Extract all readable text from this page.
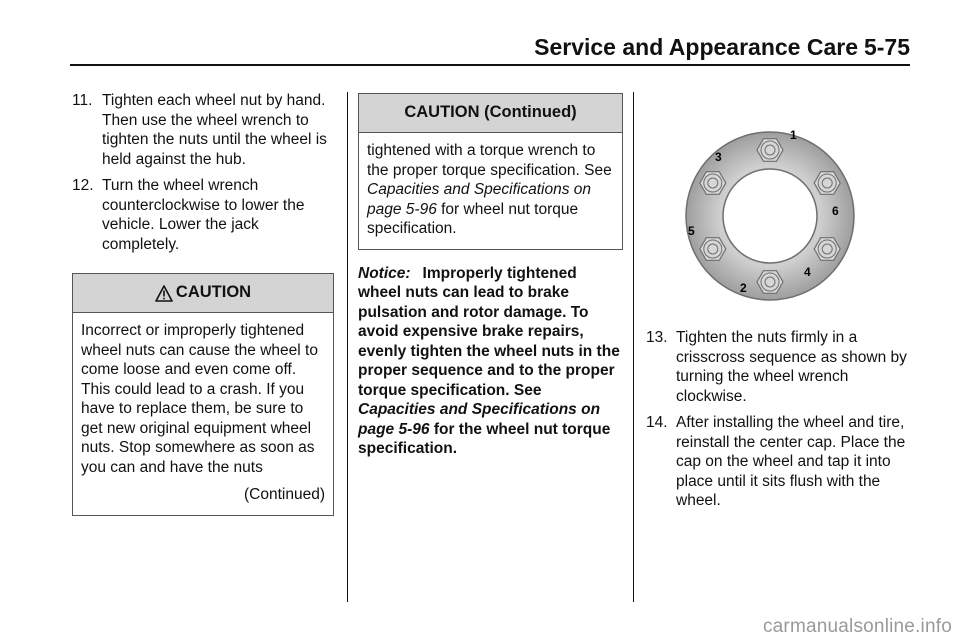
Service and Appearance Care 5-75
11. Tighten each wheel nut by hand. Then use the wheel wrench to tighten the nuts until the wheel is held against the hub.
12. Turn the wheel wrench counterclockwise to lower the vehicle. Lower the jack completely.
CAUTION
Incorrect or improperly tightened wheel nuts can cause the wheel to come loose and even come off. This could lead to a crash. If you have to replace them, be sure to get new original equipment wheel nuts. Stop somewhere as soon as you can and have the nuts
(Continued)
CAUTION (Continued)
tightened with a torque wrench to the proper torque specification. See Capacities and Specifications on page 5-96 for wheel nut torque specification.
Notice: Improperly tightened wheel nuts can lead to brake pulsation and rotor damage. To avoid expensive brake repairs, evenly tighten the wheel nuts in the proper sequence and to the proper torque specification. See Capacities and Specifications on page 5-96 for the wheel nut torque specification.
1
2
3
4
5
6
13. Tighten the nuts firmly in a crisscross sequence as shown by turning the wheel wrench clockwise.
14. After installing the wheel and tire, reinstall the center cap. Place the cap on the wheel and tap it into place until it sits flush with the wheel.
carmanualsonline.info
